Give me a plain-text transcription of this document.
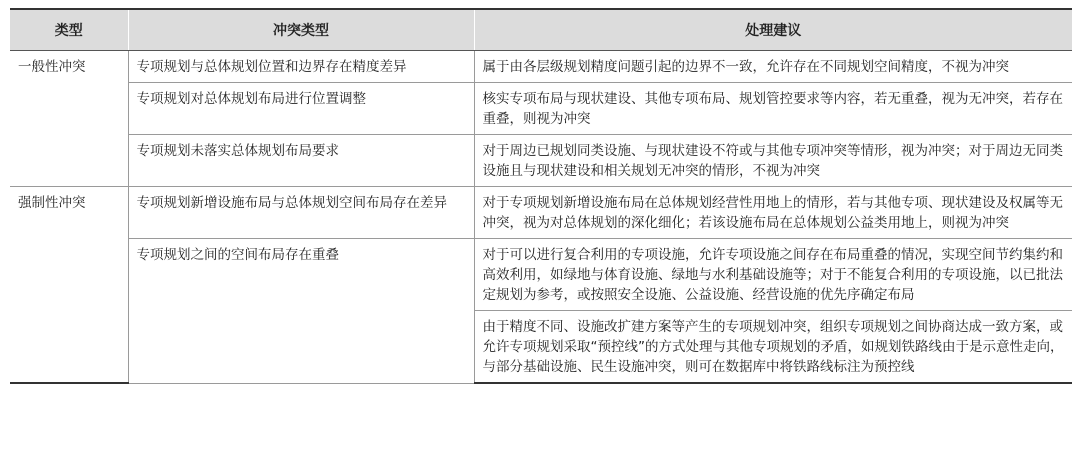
类型	冲突类型	处理建议
一般性冲突	专项规划与总体规划位置和边界存在精度差异	属于由各层级规划精度问题引起的边界不一致，允许存在不同规划空间精度，不视为冲突
	专项规划对总体规划布局进行位置调整	核实专项布局与现状建设、其他专项布局、规划管控要求等内容，若无重叠，视为无冲突，若存在重叠，则视为冲突
	专项规划未落实总体规划布局要求	对于周边已规划同类设施、与现状建设不符或与其他专项冲突等情形，视为冲突；对于周边无同类设施且与现状建设和相关规划无冲突的情形，不视为冲突
强制性冲突	专项规划新增设施布局与总体规划空间布局存在差异	对于专项规划新增设施布局在总体规划经营性用地上的情形，若与其他专项、现状建设及权属等无冲突，视为对总体规划的深化细化；若该设施布局在总体规划公益类用地上，则视为冲突
	专项规划之间的空间布局存在重叠	对于可以进行复合利用的专项设施，允许专项设施之间存在布局重叠的情况，实现空间节约集约和高效利用，如绿地与体育设施、绿地与水利基础设施等；对于不能复合利用的专项设施，以已批法定规划为参考，或按照安全设施、公益设施、经营设施的优先序确定布局
		由于精度不同、设施改扩建方案等产生的专项规划冲突，组织专项规划之间协商达成一致方案，或允许专项规划采取“预控线”的方式处理与其他专项规划的矛盾，如规划铁路线由于是示意性走向，与部分基础设施、民生设施冲突，则可在数据库中将铁路线标注为预控线
